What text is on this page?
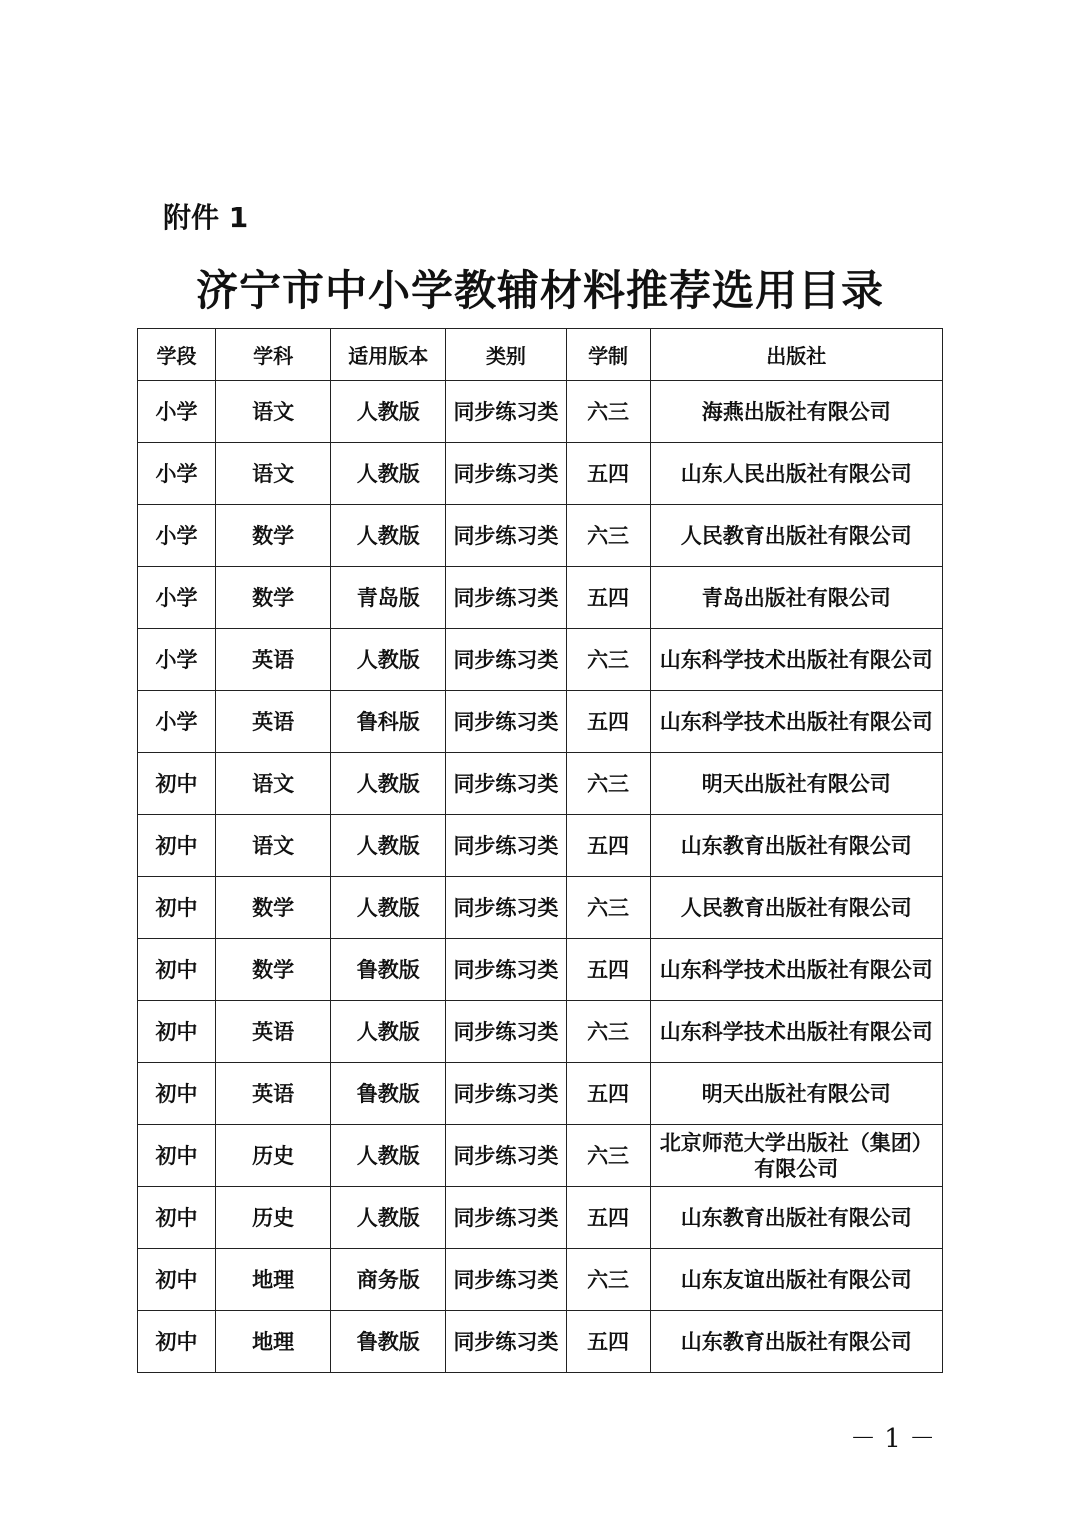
附件 1
济宁市中小学教辅材料推荐选用目录
学段	学科	适用版本	类别	学制	出版社
小学	语文	人教版	同步练习类	六三	海燕出版社有限公司
小学	语文	人教版	同步练习类	五四	山东人民出版社有限公司
小学	数学	人教版	同步练习类	六三	人民教育出版社有限公司
小学	数学	青岛版	同步练习类	五四	青岛出版社有限公司
小学	英语	人教版	同步练习类	六三	山东科学技术出版社有限公司
小学	英语	鲁科版	同步练习类	五四	山东科学技术出版社有限公司
初中	语文	人教版	同步练习类	六三	明天出版社有限公司
初中	语文	人教版	同步练习类	五四	山东教育出版社有限公司
初中	数学	人教版	同步练习类	六三	人民教育出版社有限公司
初中	数学	鲁教版	同步练习类	五四	山东科学技术出版社有限公司
初中	英语	人教版	同步练习类	六三	山东科学技术出版社有限公司
初中	英语	鲁教版	同步练习类	五四	明天出版社有限公司
初中	历史	人教版	同步练习类	六三	北京师范大学出版社（集团）有限公司
初中	历史	人教版	同步练习类	五四	山东教育出版社有限公司
初中	地理	商务版	同步练习类	六三	山东友谊出版社有限公司
初中	地理	鲁教版	同步练习类	五四	山东教育出版社有限公司
－ 1 －
